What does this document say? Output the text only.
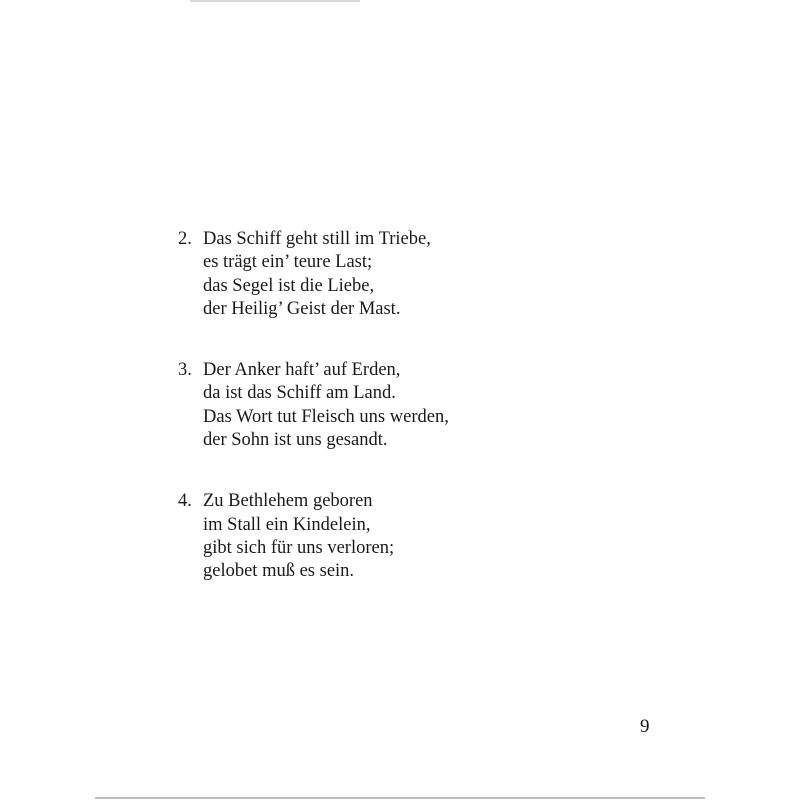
2. Das Schiff geht still im Triebe,
es trägt ein’ teure Last;
das Segel ist die Liebe,
der Heilig’ Geist der Mast.
3. Der Anker haft’ auf Erden,
da ist das Schiff am Land.
Das Wort tut Fleisch uns werden,
der Sohn ist uns gesandt.
4. Zu Bethlehem geboren
im Stall ein Kindelein,
gibt sich für uns verloren;
gelobet muß es sein.
9
